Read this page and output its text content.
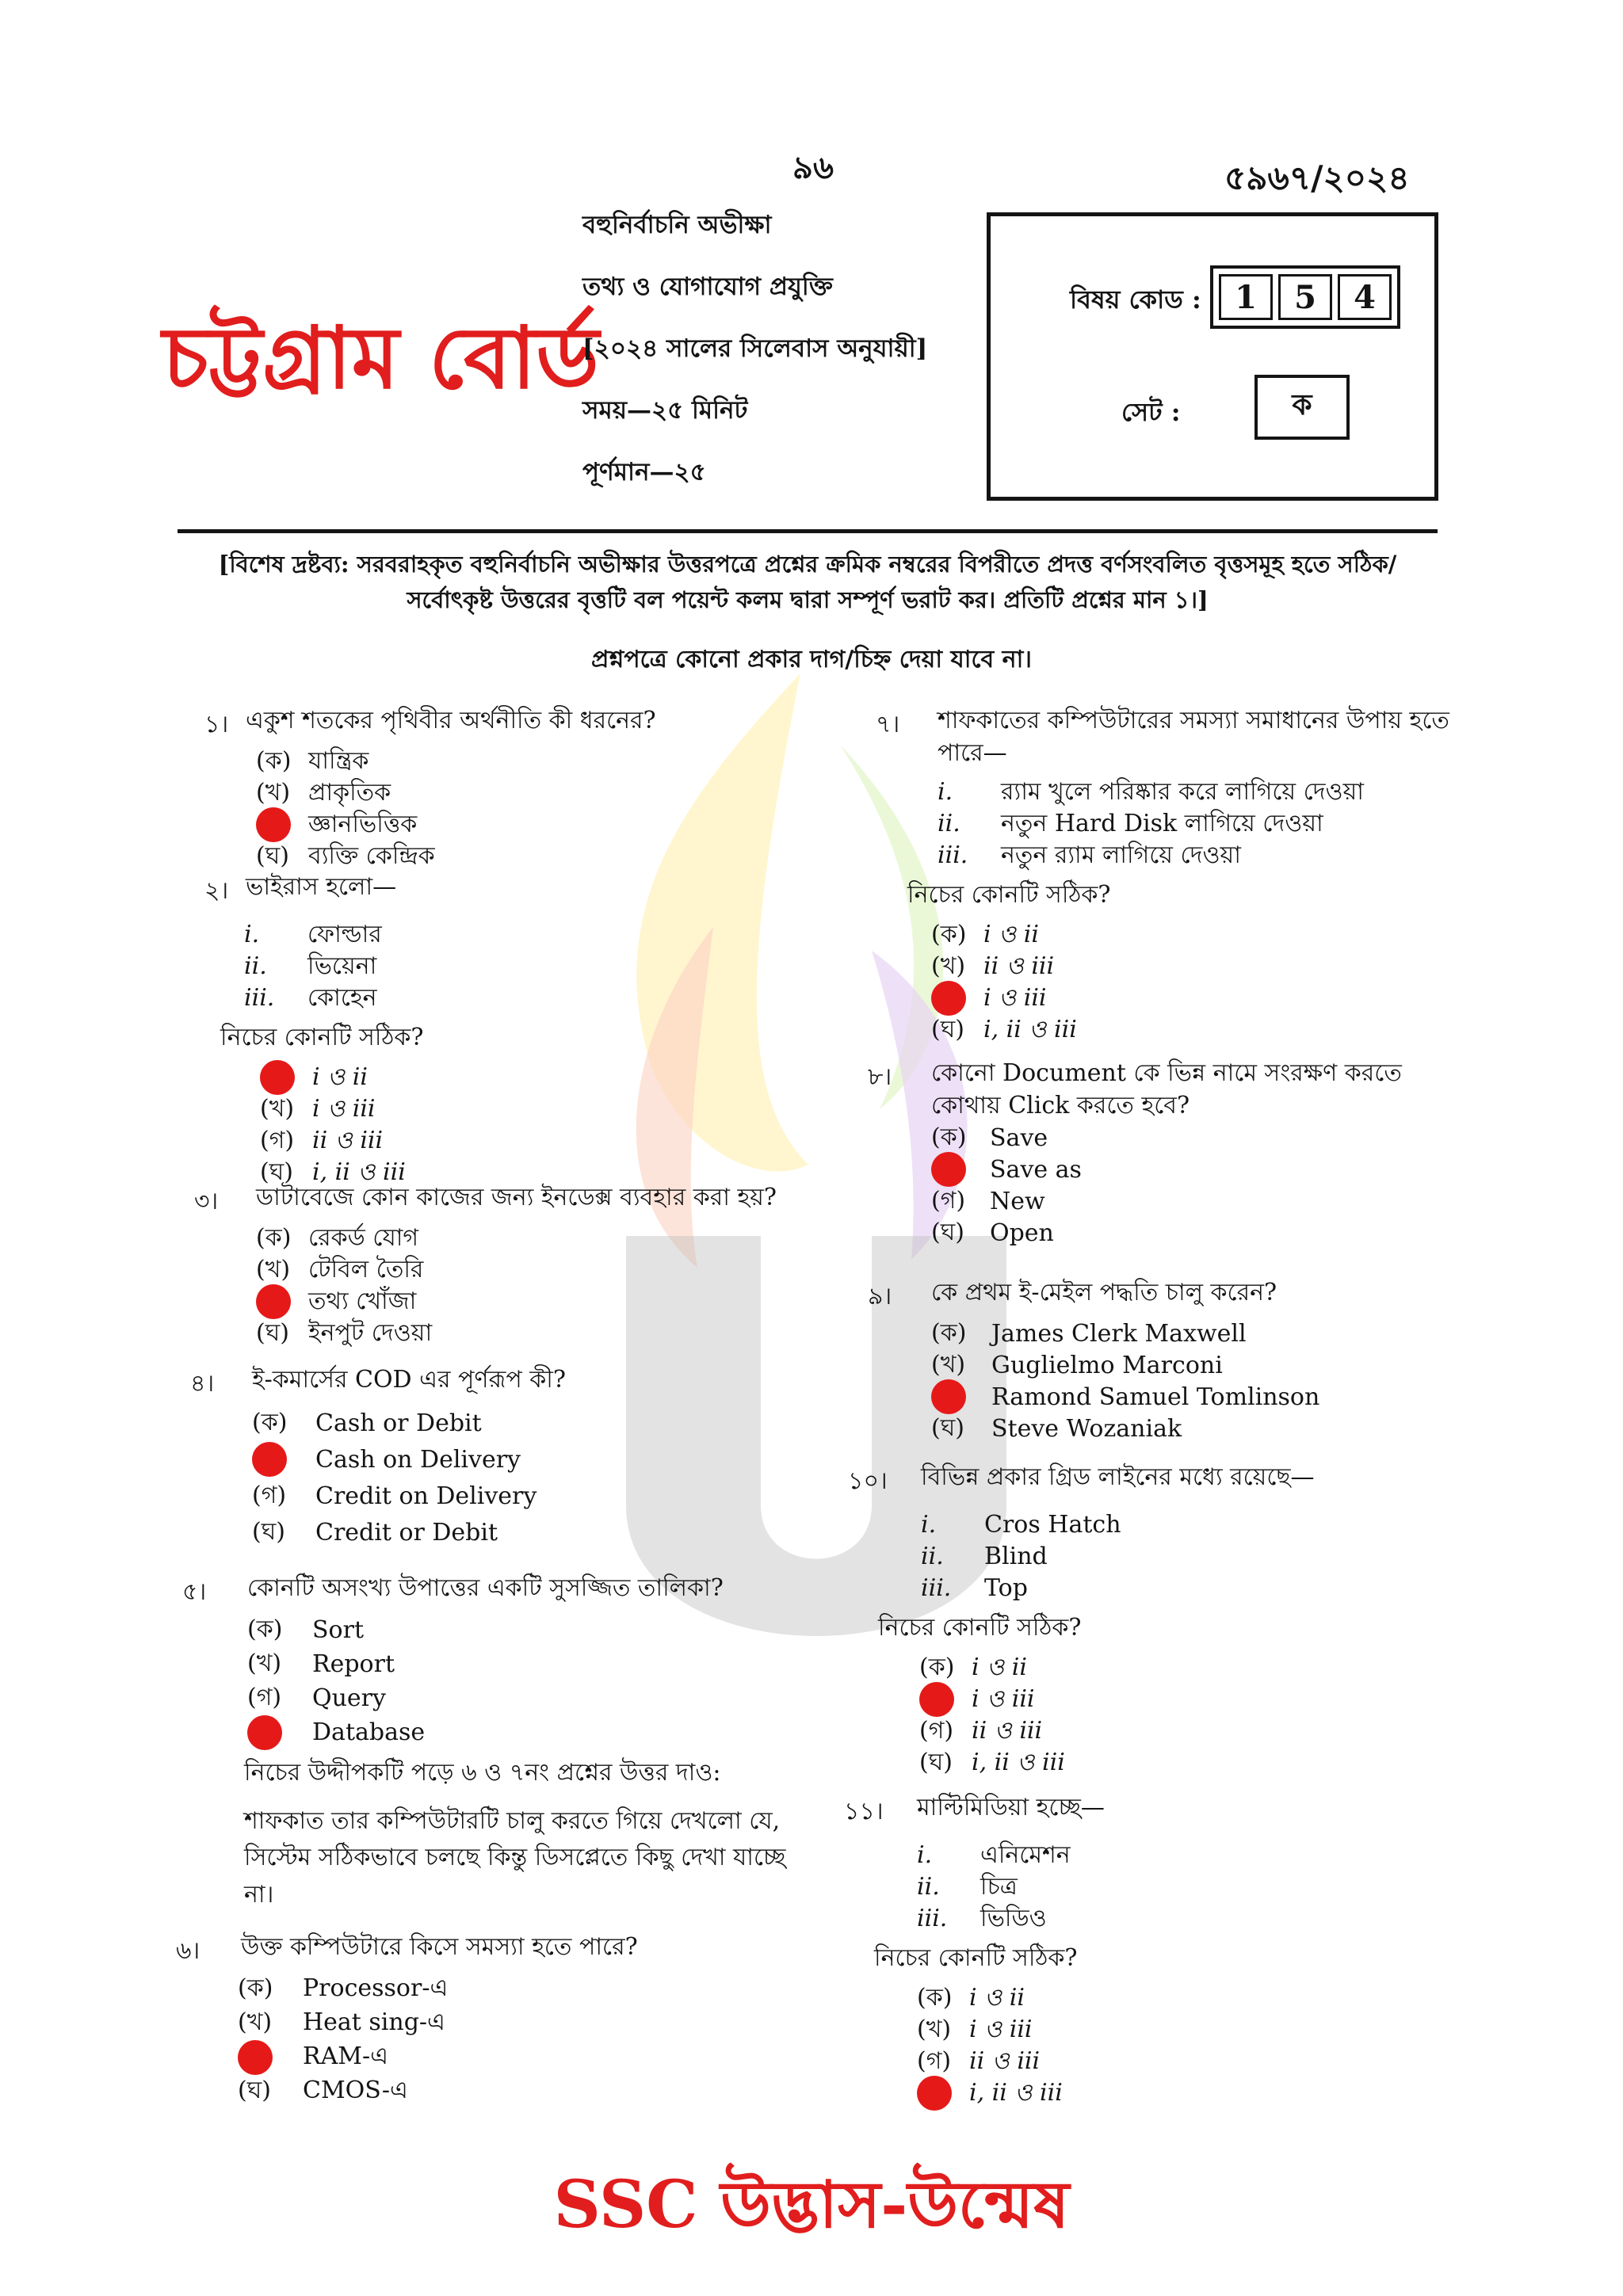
৯৬	৫৯৬৭/২০২৪
চট্টগ্রাম বোর্ড
বহুনির্বাচনি অভীক্ষা
তথ্য ও যোগাযোগ প্রযুক্তি
[২০২৪ সালের সিলেবাস অনুযায়ী]
সময়—২৫ মিনিট
পূর্ণমান—২৫
বিষয় কোড :	1	5	4
সেট :	ক
[বিশেষ দ্রষ্টব্য: সরবরাহকৃত বহুনির্বাচনি অভীক্ষার উত্তরপত্রে প্রশ্নের ক্রমিক নম্বরের বিপরীতে প্রদত্ত বর্ণসংবলিত বৃত্তসমূহ হতে সঠিক/সর্বোৎকৃষ্ট উত্তরের বৃত্তটি বল পয়েন্ট কলম দ্বারা সম্পূর্ণ ভরাট কর। প্রতিটি প্রশ্নের মান ১।]
প্রশ্নপত্রে কোনো প্রকার দাগ/চিহ্ন দেয়া যাবে না।
১। একুশ শতকের পৃথিবীর অর্থনীতি কী ধরনের?
(ক) যান্ত্রিক
(খ) প্রাকৃতিক
জ্ঞানভিত্তিক
(ঘ) ব্যক্তি কেন্দ্রিক
২। ভাইরাস হলো—
i.	ফোল্ডার
ii.	ভিয়েনা
iii.	কোহেন
নিচের কোনটি সঠিক?
i ও ii
(খ) i ও iii
(গ) ii ও iii
(ঘ) i, ii ও iii
৩।	ডাটাবেজে কোন কাজের জন্য ইনডেক্স ব্যবহার করা হয়?
(ক) রেকর্ড যোগ
(খ) টেবিল তৈরি
তথ্য খোঁজা
(ঘ) ইনপুট দেওয়া
৪।	ই-কমার্সের COD এর পূর্ণরূপ কী?
(ক)	Cash or Debit
Cash on Delivery
(গ)	Credit on Delivery
(ঘ)	Credit or Debit
৫।	কোনটি অসংখ্য উপাত্তের একটি সুসজ্জিত তালিকা?
(ক)	Sort
(খ)	Report
(গ)	Query
Database
নিচের উদ্দীপকটি পড়ে ৬ ও ৭নং প্রশ্নের উত্তর দাও:
শাফকাত তার কম্পিউটারটি চালু করতে গিয়ে দেখলো যে, সিস্টেম সঠিকভাবে চলছে কিন্তু ডিসপ্লেতে কিছু দেখা যাচ্ছে না।
৬।	উক্ত কম্পিউটারে কিসে সমস্যা হতে পারে?
(ক)	Processor-এ
(খ)	Heat sing-এ
RAM-এ
(ঘ)	CMOS-এ
৭।	শাফকাতের কম্পিউটারের সমস্যা সমাধানের উপায় হতে পারে—
i.	র‍্যাম খুলে পরিষ্কার করে লাগিয়ে দেওয়া
ii.	নতুন Hard Disk লাগিয়ে দেওয়া
iii.	নতুন র‍্যাম লাগিয়ে দেওয়া
নিচের কোনটি সঠিক?
(ক) i ও ii
(খ) ii ও iii
i ও iii
(ঘ) i, ii ও iii
৮।	কোনো Document কে ভিন্ন নামে সংরক্ষণ করতে কোথায় Click করতে হবে?
(ক) Save
Save as
(গ)	New
(ঘ)	Open
৯।	কে প্রথম ই-মেইল পদ্ধতি চালু করেন?
(ক)	James Clerk Maxwell
(খ)	Guglielmo Marconi
Ramond Samuel Tomlinson
(ঘ)	Steve Wozaniak
১০।	বিভিন্ন প্রকার গ্রিড লাইনের মধ্যে রয়েছে—
i.	Cros Hatch
ii.	Blind
iii.	Top
নিচের কোনটি সঠিক?
(ক) i ও ii
i ও iii
(গ) ii ও iii
(ঘ) i, ii ও iii
১১।	মাল্টিমিডিয়া হচ্ছে—
i.	এনিমেশন
ii.	চিত্র
iii.	ভিডিও
নিচের কোনটি সঠিক?
(ক) i ও ii
(খ) i ও iii
(গ) ii ও iii
i, ii ও iii
SSC উদ্ভাস-উন্মেষ
